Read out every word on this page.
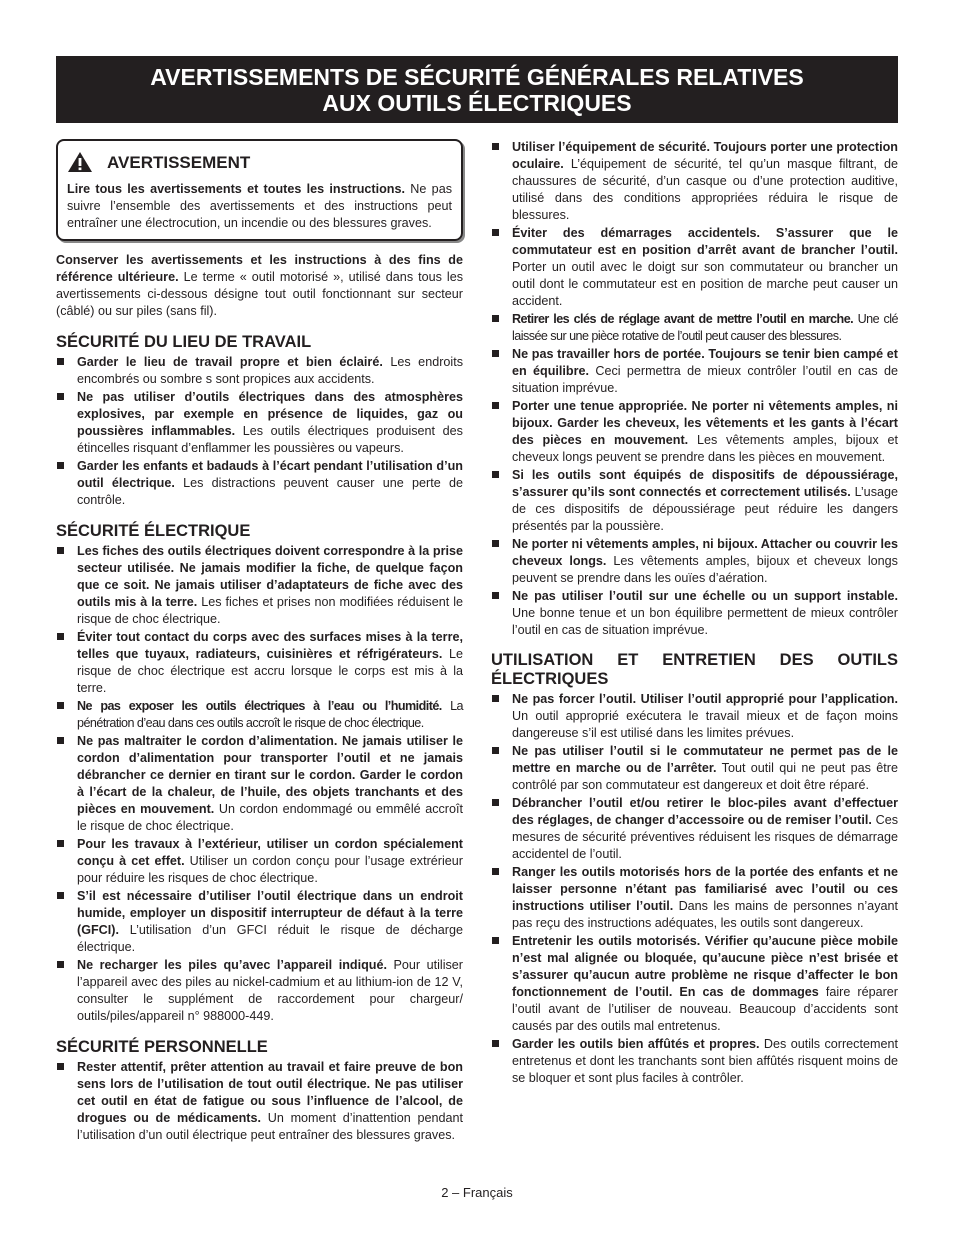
AVERTISSEMENTS DE SÉCURITÉ GÉNÉRALES RELATIVES
AUX OUTILS ÉLECTRIQUES
AVERTISSEMENT

Lire tous les avertissements et toutes les instructions. Ne pas suivre l’ensemble des avertissements et des instructions peut entraîner une électrocution, un incendie ou des blessures graves.

Conserver les avertissements et les instructions à des fins de référence ultérieure. Le terme « outil motorisé », utilisé dans tous les avertissements ci-dessous désigne tout outil fonctionnant sur secteur (câblé) ou sur piles (sans fil).

SÉCURITÉ DU LIEU DE TRAVAIL
Garder le lieu de travail propre et bien éclairé. Les endroits encombrés ou sombre s sont propices aux accidents.
Ne pas utiliser d’outils électriques dans des atmosphères explosives, par exemple en présence de liquides, gaz ou poussières inflammables. Les outils électriques produisent des étincelles risquant d’enflammer les poussières ou vapeurs.
Garder les enfants et badauds à l’écart pendant l’utilisation d’un outil électrique. Les distractions peuvent causer une perte de contrôle.
SÉCURITÉ ÉLECTRIQUE
Les fiches des outils électriques doivent correspondre à la prise secteur utilisée. Ne jamais modifier la fiche, de quelque façon que ce soit. Ne jamais utiliser d’adaptateurs de fiche avec des outils mis à la terre. Les fiches et prises non modifiées réduisent le risque de choc électrique.
Éviter tout contact du corps avec des surfaces mises à la terre, telles que tuyaux, radiateurs, cuisinières et réfrigérateurs. Le risque de choc électrique est accru lorsque le corps est mis à la terre.
Ne pas exposer les outils électriques à l’eau ou l’humidité. La pénétration d’eau dans ces outils accroît le risque de choc électrique.
Ne pas maltraiter le cordon d’alimentation. Ne jamais utiliser le cordon d’alimentation pour transporter l’outil et ne jamais débrancher ce dernier en tirant sur le cordon. Garder le cordon à l’écart de la chaleur, de l’huile, des objets tranchants et des pièces en mouvement. Un cordon endommagé ou emmêlé accroît le risque de choc électrique.
Pour les travaux à l’extérieur, utiliser un cordon spécialement conçu à cet effet. Utiliser un cordon conçu pour l’usage extrérieur pour réduire les risques de choc électrique.
S’il est nécessaire d’utiliser l’outil électrique dans un endroit humide, employer un dispositif interrupteur de défaut à la terre (GFCI). L’utilisation d’un GFCI réduit le risque de décharge électrique.
Ne recharger les piles qu’avec l’appareil indiqué. Pour utiliser l’appareil avec des piles au nickel-cadmium et au lithium-ion de 12 V, consulter le supplément de raccordement pour chargeur/ outils/piles/appareil n° 988000-449.
SÉCURITÉ PERSONNELLE
Rester attentif, prêter attention au travail et faire preuve de bon sens lors de l’utilisation de tout outil électrique. Ne pas utiliser cet outil en état de fatigue ou sous l’influence de l’alcool, de drogues ou de médicaments. Un moment d’inattention pendant l’utilisation d’un outil électrique peut entraîner des blessures graves.
Utiliser l’équipement de sécurité. Toujours porter une protection oculaire. L’équipement de sécurité, tel qu’un masque filtrant, de chaussures de sécurité, d’un casque ou d’une protection auditive, utilisé dans des conditions appropriées réduira le risque de blessures.
Éviter des démarrages accidentels. S’assurer que le commutateur est en position d’arrêt avant de brancher l’outil. Porter un outil avec le doigt sur son commutateur ou brancher un outil dont le commutateur est en position de marche peut causer un accident.
Retirer les clés de réglage avant de mettre l’outil en marche. Une clé laissée sur une pièce rotative de l’outil peut causer des blessures.
Ne pas travailler hors de portée. Toujours se tenir bien campé et en équilibre. Ceci permettra de mieux contrôler l’outil en cas de situation imprévue.
Porter une tenue appropriée. Ne porter ni vêtements amples, ni bijoux. Garder les cheveux, les vêtements et les gants à l’écart des pièces en mouvement. Les vêtements amples, bijoux et cheveux longs peuvent se prendre dans les pièces en mouvement.
Si les outils sont équipés de dispositifs de dépoussiérage, s’assurer qu’ils sont connectés et correctement utilisés. L’usage de ces dispositifs de dépoussiérage peut réduire les dangers présentés par la poussière.
Ne porter ni vêtements amples, ni bijoux. Attacher ou couvrir les cheveux longs. Les vêtements amples, bijoux et cheveux longs peuvent se prendre dans les ouïes d’aération.
Ne pas utiliser l’outil sur une échelle ou un support instable. Une bonne tenue et un bon équilibre permettent de mieux contrôler l’outil en cas de situation imprévue.
UTILISATION ET ENTRETIEN DES OUTILS ÉLECTRIQUES
Ne pas forcer l’outil. Utiliser l’outil approprié pour l’application. Un outil approprié exécutera le travail mieux et de façon moins dangereuse s’il est utilisé dans les limites prévues.
Ne pas utiliser l’outil si le commutateur ne permet pas de le mettre en marche ou de l’arrêter. Tout outil qui ne peut pas être contrôlé par son commutateur est dangereux et doit être réparé.
Débrancher l’outil et/ou retirer le bloc-piles avant d’effectuer des réglages, de changer d’accessoire ou de remiser l’outil. Ces mesures de sécurité préventives réduisent les risques de démarrage accidentel de l’outil.
Ranger les outils motorisés hors de la portée des enfants et ne laisser personne n’étant pas familiarisé avec l’outil ou ces instructions utiliser l’outil. Dans les mains de personnes n’ayant pas reçu des instructions adéquates, les outils sont dangereux.
Entretenir les outils motorisés. Vérifier qu’aucune pièce mobile n’est mal alignée ou bloquée, qu’aucune pièce n’est brisée et s’assurer qu’aucun autre problème ne risque d’affecter le bon fonctionnement de l’outil. En cas de dommages faire réparer l’outil avant de l’utiliser de nouveau. Beaucoup d’accidents sont causés par des outils mal entretenus.
Garder les outils bien affûtés et propres. Des outils correctement entretenus et dont les tranchants sont bien affûtés risquent moins de se bloquer et sont plus faciles à contrôler.
2 – Français
